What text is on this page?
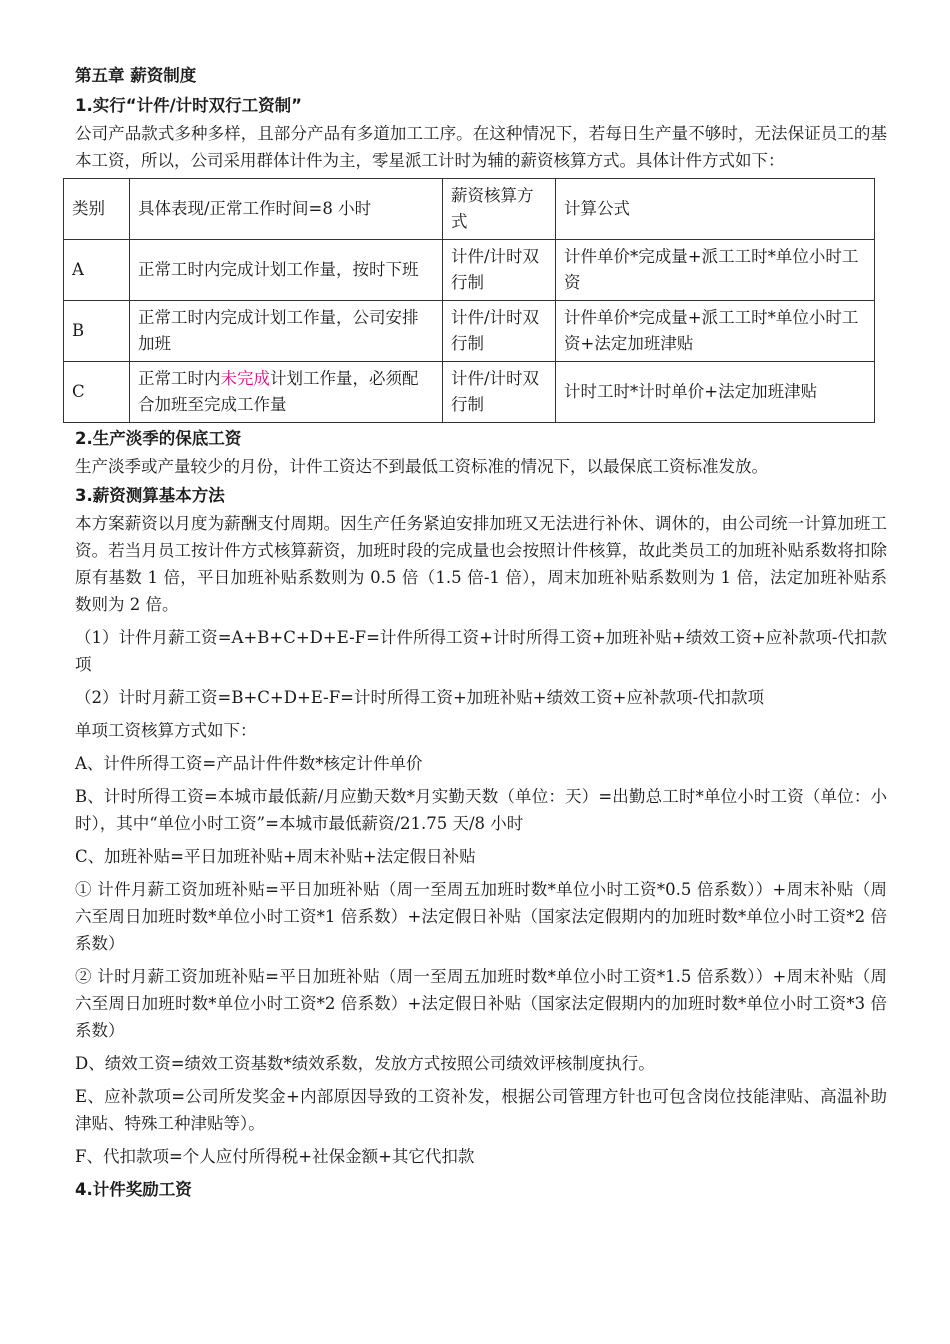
第五章 薪资制度
1.实行“计件/计时双行工资制”
公司产品款式多种多样，且部分产品有多道加工工序。在这种情况下，若每日生产量不够时，无法保证员工的基本工资，所以，公司采用群体计件为主，零星派工计时为辅的薪资核算方式。具体计件方式如下：
类别	具体表现/正常工作时间=8 小时	薪资核算方式	计算公式
A	正常工时内完成计划工作量，按时下班	计件/计时双行制	计件单价*完成量+派工工时*单位小时工资
B	正常工时内完成计划工作量，公司安排加班	计件/计时双行制	计件单价*完成量+派工工时*单位小时工资+法定加班津贴
C	正常工时内未完成计划工作量，必须配合加班至完成工作量	计件/计时双行制	计时工时*计时单价+法定加班津贴
2.生产淡季的保底工资
生产淡季或产量较少的月份，计件工资达不到最低工资标准的情况下，以最保底工资标准发放。
3.薪资测算基本方法
本方案薪资以月度为薪酬支付周期。因生产任务紧迫安排加班又无法进行补休、调休的，由公司统一计算加班工资。若当月员工按计件方式核算薪资，加班时段的完成量也会按照计件核算，故此类员工的加班补贴系数将扣除原有基数 1 倍，平日加班补贴系数则为 0.5 倍（1.5 倍-1 倍），周末加班补贴系数则为 1 倍，法定加班补贴系数则为 2 倍。
（1）计件月薪工资=A+B+C+D+E-F=计件所得工资+计时所得工资+加班补贴+绩效工资+应补款项-代扣款项
（2）计时月薪工资=B+C+D+E-F=计时所得工资+加班补贴+绩效工资+应补款项-代扣款项
单项工资核算方式如下：
A、计件所得工资=产品计件件数*核定计件单价
B、计时所得工资=本城市最低薪/月应勤天数*月实勤天数（单位：天）=出勤总工时*单位小时工资（单位：小时），其中“单位小时工资”=本城市最低薪资/21.75 天/8 小时
C、加班补贴=平日加班补贴+周末补贴+法定假日补贴
① 计件月薪工资加班补贴=平日加班补贴（周一至周五加班时数*单位小时工资*0.5 倍系数））+周末补贴（周六至周日加班时数*单位小时工资*1 倍系数）+法定假日补贴（国家法定假期内的加班时数*单位小时工资*2 倍系数）
② 计时月薪工资加班补贴=平日加班补贴（周一至周五加班时数*单位小时工资*1.5 倍系数））+周末补贴（周六至周日加班时数*单位小时工资*2 倍系数）+法定假日补贴（国家法定假期内的加班时数*单位小时工资*3 倍系数）
D、绩效工资=绩效工资基数*绩效系数，发放方式按照公司绩效评核制度执行。
E、应补款项=公司所发奖金+内部原因导致的工资补发，根据公司管理方针也可包含岗位技能津贴、高温补助津贴、特殊工种津贴等）。
F、代扣款项=个人应付所得税+社保金额+其它代扣款
4.计件奖励工资
